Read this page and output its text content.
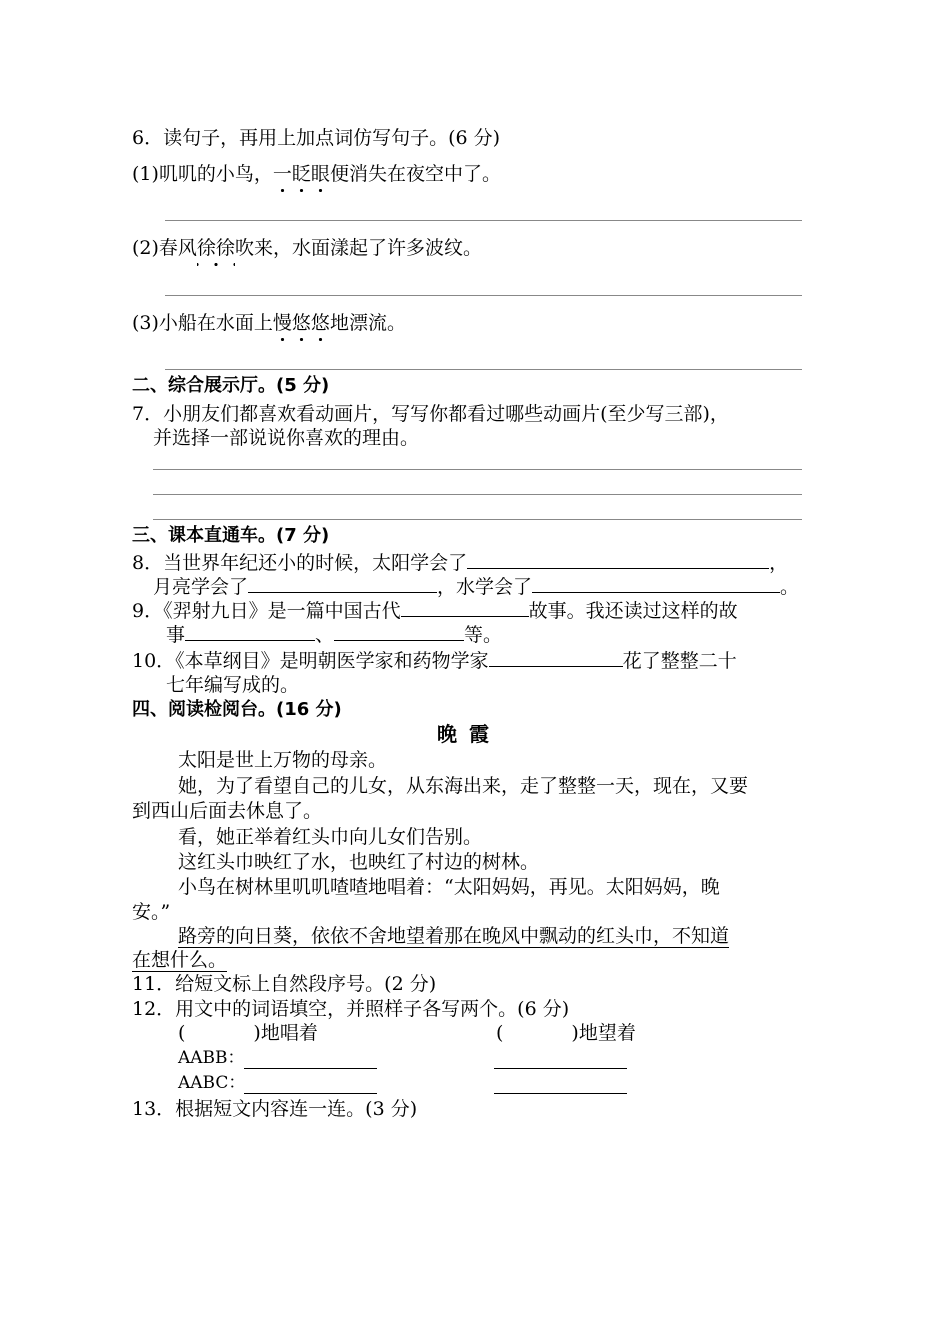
6．读句子，再用上加点词仿写句子。(6 分)
(1)叽叽的小鸟，一眨眼便消失在夜空中了。
(2)春风徐徐吹来，水面漾起了许多波纹。
(3)小船在水面上慢悠悠地漂流。
二、综合展示厅。(5 分)
7．小朋友们都喜欢看动画片，写写你都看过哪些动画片(至少写三部)，
并选择一部说说你喜欢的理由。
三、课本直通车。(7 分)
8．当世界年纪还小的时候，太阳学会了	，
月亮学会了	，水学会了	。
9．《羿射九日》是一篇中国古代	故事。我还读过这样的故
事	、	等。
10．《本草纲目》是明朝医学家和药物学家	花了整整二十
七年编写成的。
四、阅读检阅台。(16 分)
晚霞
太阳是世上万物的母亲。
她，为了看望自己的儿女，从东海出来，走了整整一天，现在，又要
到西山后面去休息了。
看，她正举着红头巾向儿女们告别。
这红头巾映红了水，也映红了村边的树林。
小鸟在树林里叽叽喳喳地唱着：“太阳妈妈，再见。太阳妈妈，晚
安。”
路旁的向日葵，依依不舍地望着那在晚风中飘动的红头巾，不知道
在想什么。
11．给短文标上自然段序号。(2 分)
12．用文中的词语填空，并照样子各写两个。(6 分)
(	)地唱着	(	)地望着
AABB：
AABC：
13．根据短文内容连一连。(3 分)
